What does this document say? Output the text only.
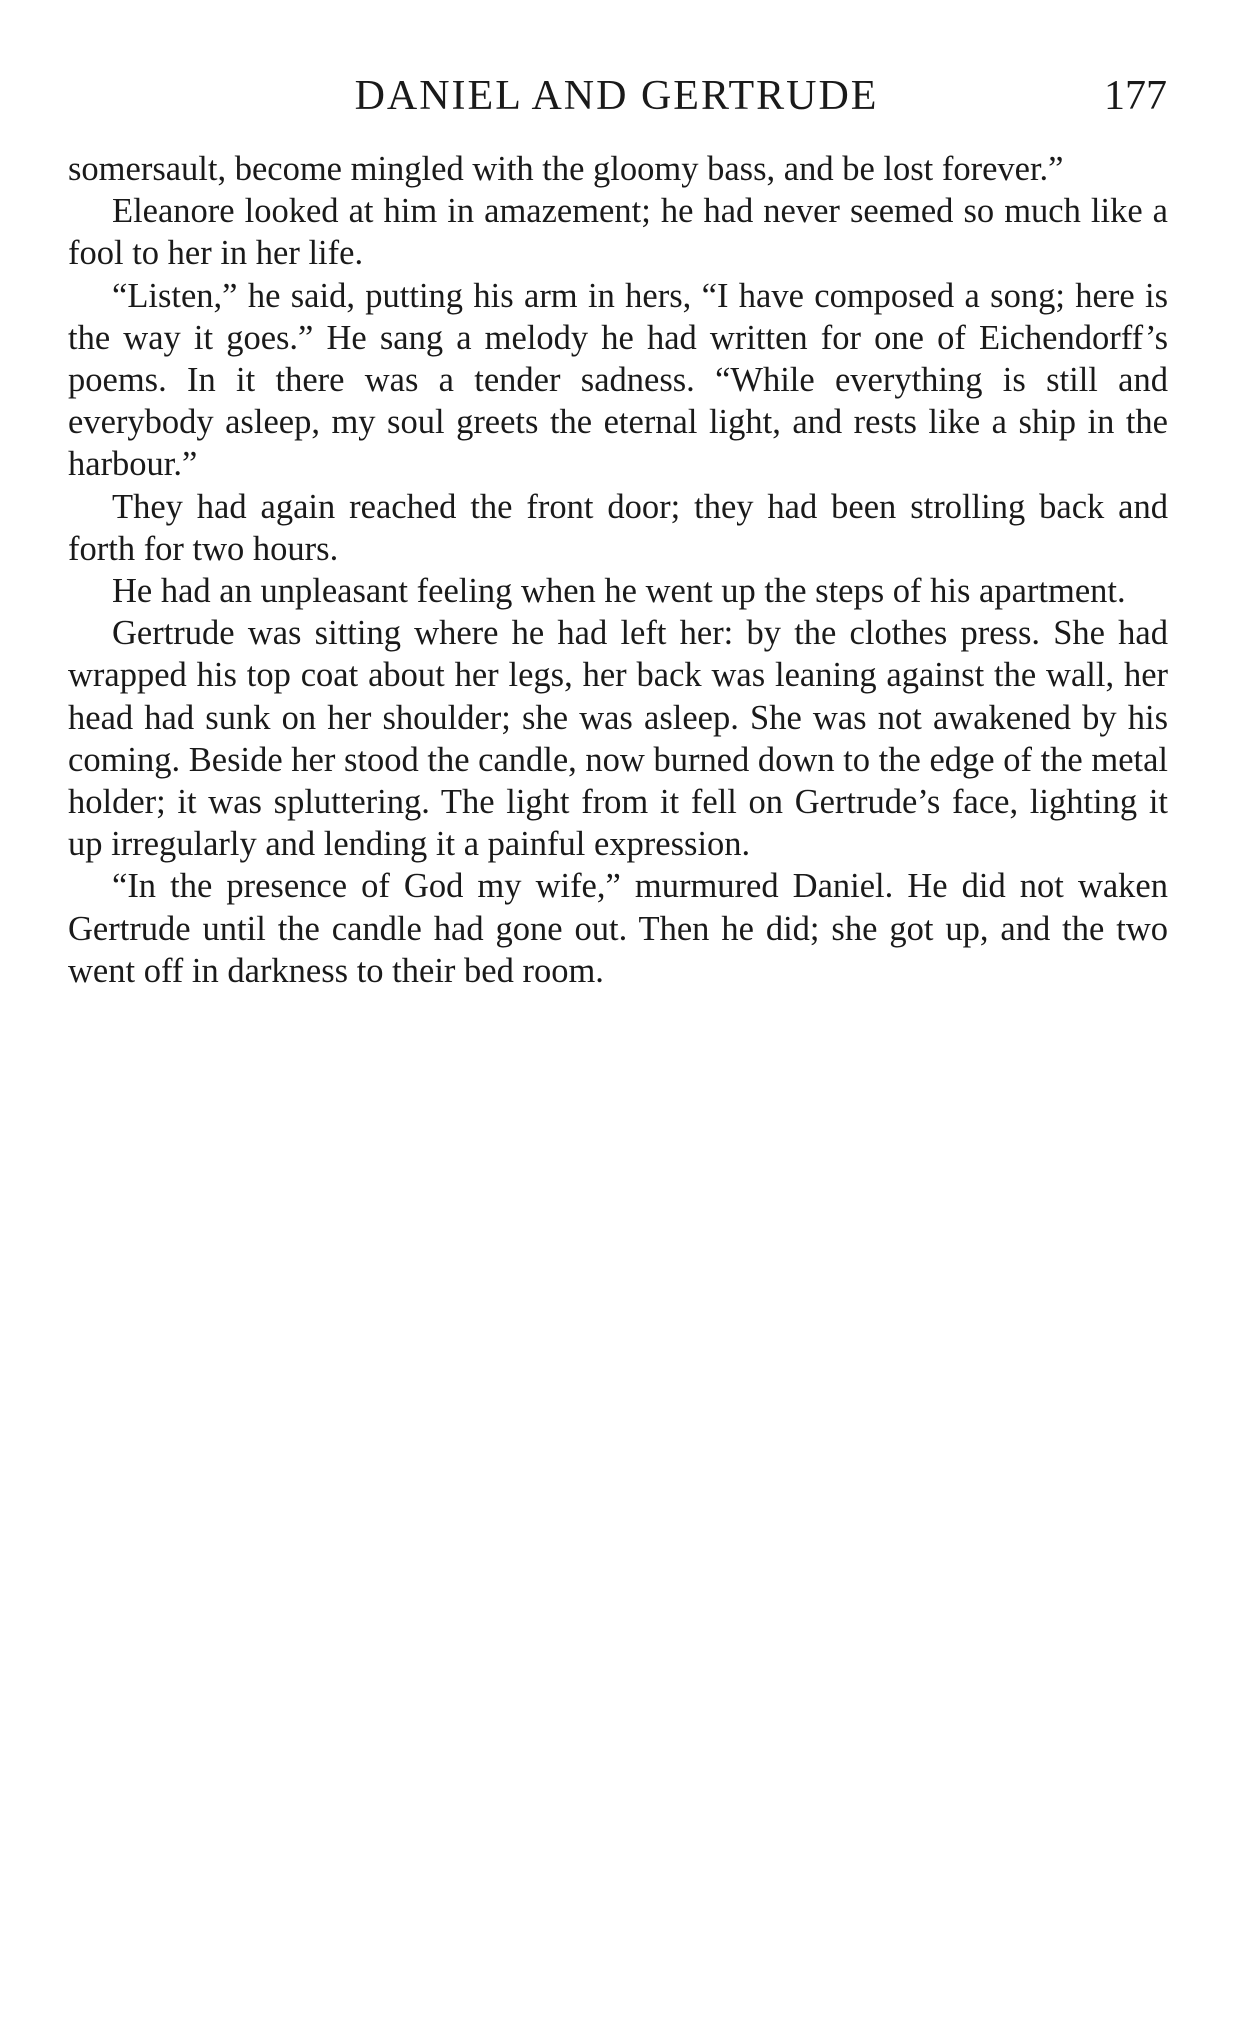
DANIEL AND GERTRUDE	177

somersault, become mingled with the gloomy bass, and be lost forever.”

Eleanore looked at him in amazement; he had never seemed so much like a fool to her in her life.

“Listen,” he said, putting his arm in hers, “I have composed a song; here is the way it goes.” He sang a melody he had written for one of Eichendorff’s poems. In it there was a tender sadness. “While everything is still and everybody asleep, my soul greets the eternal light, and rests like a ship in the harbour.”

They had again reached the front door; they had been strolling back and forth for two hours.

He had an unpleasant feeling when he went up the steps of his apartment.

Gertrude was sitting where he had left her: by the clothes press. She had wrapped his top coat about her legs, her back was leaning against the wall, her head had sunk on her shoulder; she was asleep. She was not awakened by his coming. Beside her stood the candle, now burned down to the edge of the metal holder; it was spluttering. The light from it fell on Gertrude’s face, lighting it up irregularly and lending it a painful expression.

“In the presence of God my wife,” murmured Daniel. He did not waken Gertrude until the candle had gone out. Then he did; she got up, and the two went off in darkness to their bed room.
